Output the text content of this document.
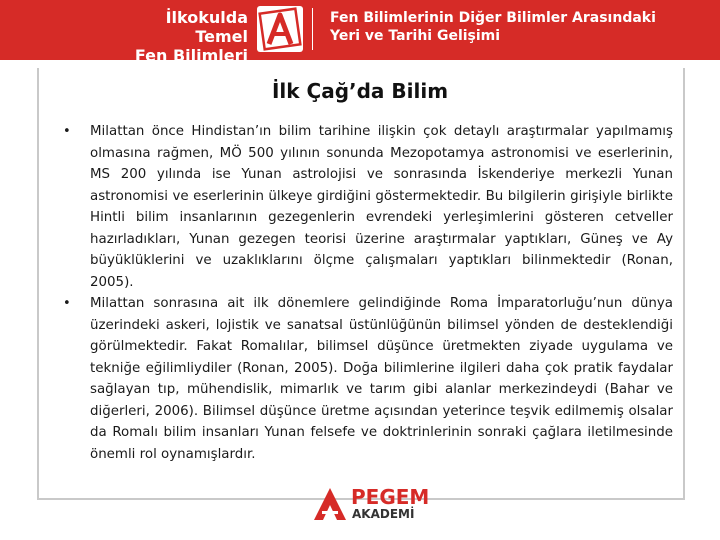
İlkokulda Temel
Fen Bilimleri
Fen Bilimlerinin Diğer Bilimler Arasındaki
Yeri ve Tarihi Gelişimi
İlk Çağ’da Bilim
• Milattan önce Hindistan’ın bilim tarihine ilişkin çok detaylı araştırmalar yapılmamış olmasına rağmen, MÖ 500 yılının sonunda Mezopotamya astronomisi ve eserlerinin, MS 200 yılında ise Yunan astrolojisi ve sonrasında İskenderiye merkezli Yunan astronomisi ve eserlerinin ülkeye girdiğini göstermektedir. Bu bilgilerin girişiyle birlikte Hintli bilim insanlarının gezegenlerin evrendeki yerleşimlerini gösteren cetveller hazırladıkları, Yunan gezegen teorisi üzerine araştırmalar yaptıkları, Güneş ve Ay büyüklüklerini ve uzaklıklarını ölçme çalışmaları yaptıkları bilinmektedir (Ronan, 2005).
• Milattan sonrasına ait ilk dönemlere gelindiğinde Roma İmparatorluğu’nun dünya üzerindeki askeri, lojistik ve sanatsal üstünlüğünün bilimsel yönden de desteklendiği görülmektedir. Fakat Romalılar, bilimsel düşünce üretmekten ziyade uygulama ve tekniğe eğilimliydiler (Ronan, 2005). Doğa bilimlerine ilgileri daha çok pratik faydalar sağlayan tıp, mühendislik, mimarlık ve tarım gibi alanlar merkezindeydi (Bahar ve diğerleri, 2006). Bilimsel düşünce üretme açısından yeterince teşvik edilmemiş olsalar da Romalı bilim insanları Yunan felsefe ve doktrinlerinin sonraki çağlara iletilmesinde önemli rol oynamışlardır.
PEGEM
AKADEMİ
